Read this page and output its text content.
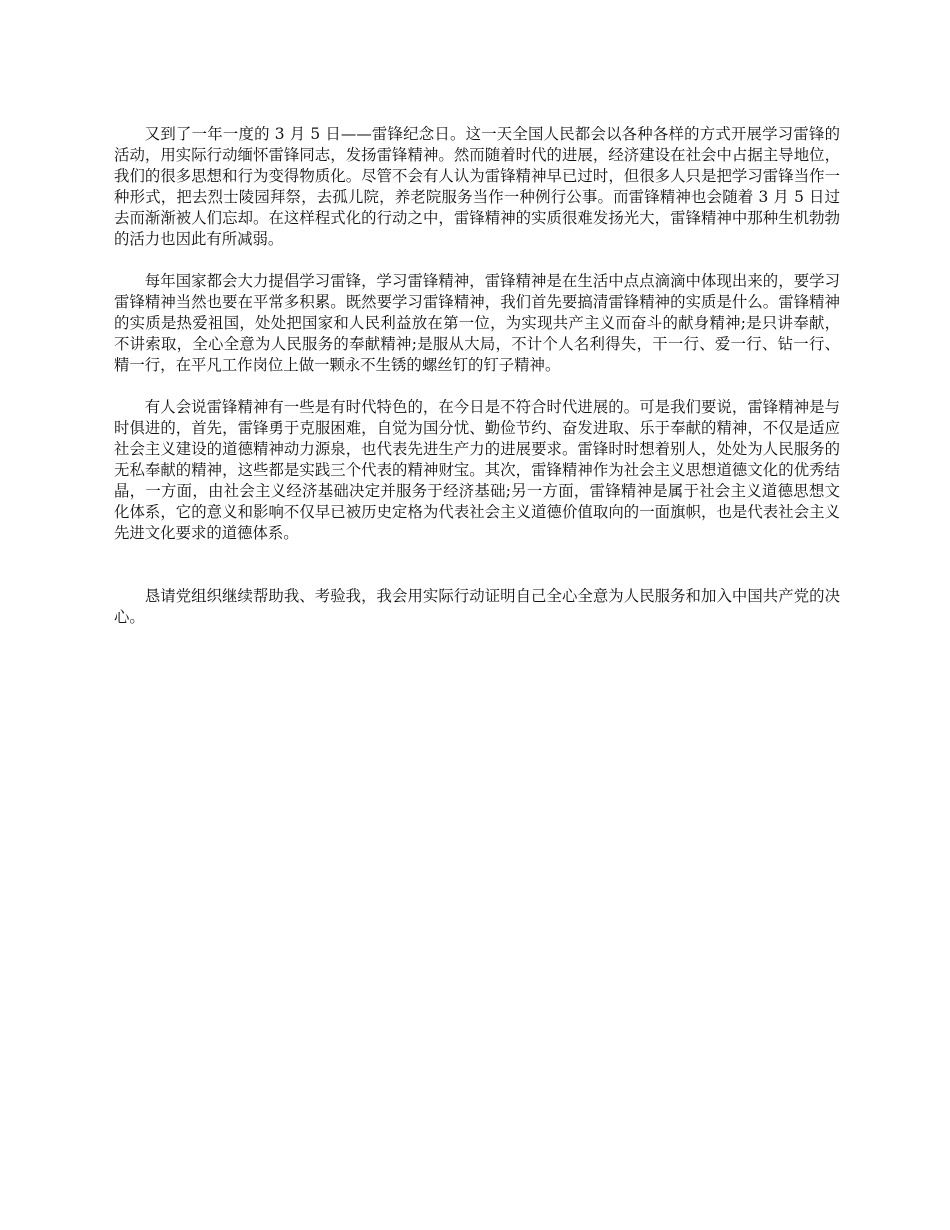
又到了一年一度的 3 月 5 日——雷锋纪念日。这一天全国人民都会以各种各样的方式开展学习雷锋的活动，用实际行动缅怀雷锋同志，发扬雷锋精神。然而随着时代的进展，经济建设在社会中占据主导地位，我们的很多思想和行为变得物质化。尽管不会有人认为雷锋精神早已过时，但很多人只是把学习雷锋当作一种形式，把去烈士陵园拜祭，去孤儿院，养老院服务当作一种例行公事。而雷锋精神也会随着 3 月 5 日过去而渐渐被人们忘却。在这样程式化的行动之中，雷锋精神的实质很难发扬光大，雷锋精神中那种生机勃勃的活力也因此有所减弱。

每年国家都会大力提倡学习雷锋，学习雷锋精神，雷锋精神是在生活中点点滴滴中体现出来的，要学习雷锋精神当然也要在平常多积累。既然要学习雷锋精神，我们首先要搞清雷锋精神的实质是什么。雷锋精神的实质是热爱祖国，处处把国家和人民利益放在第一位，为实现共产主义而奋斗的献身精神;是只讲奉献，不讲索取，全心全意为人民服务的奉献精神;是服从大局，不计个人名利得失，干一行、爱一行、钻一行、精一行，在平凡工作岗位上做一颗永不生锈的螺丝钉的钉子精神。

有人会说雷锋精神有一些是有时代特色的，在今日是不符合时代进展的。可是我们要说，雷锋精神是与时俱进的，首先，雷锋勇于克服困难，自觉为国分忧、勤俭节约、奋发进取、乐于奉献的精神，不仅是适应社会主义建设的道德精神动力源泉，也代表先进生产力的进展要求。雷锋时时想着别人，处处为人民服务的无私奉献的精神，这些都是实践三个代表的精神财宝。其次，雷锋精神作为社会主义思想道德文化的优秀结晶，一方面，由社会主义经济基础决定并服务于经济基础;另一方面，雷锋精神是属于社会主义道德思想文化体系，它的意义和影响不仅早已被历史定格为代表社会主义道德价值取向的一面旗帜，也是代表社会主义先进文化要求的道德体系。

恳请党组织继续帮助我、考验我，我会用实际行动证明自己全心全意为人民服务和加入中国共产党的决心。
